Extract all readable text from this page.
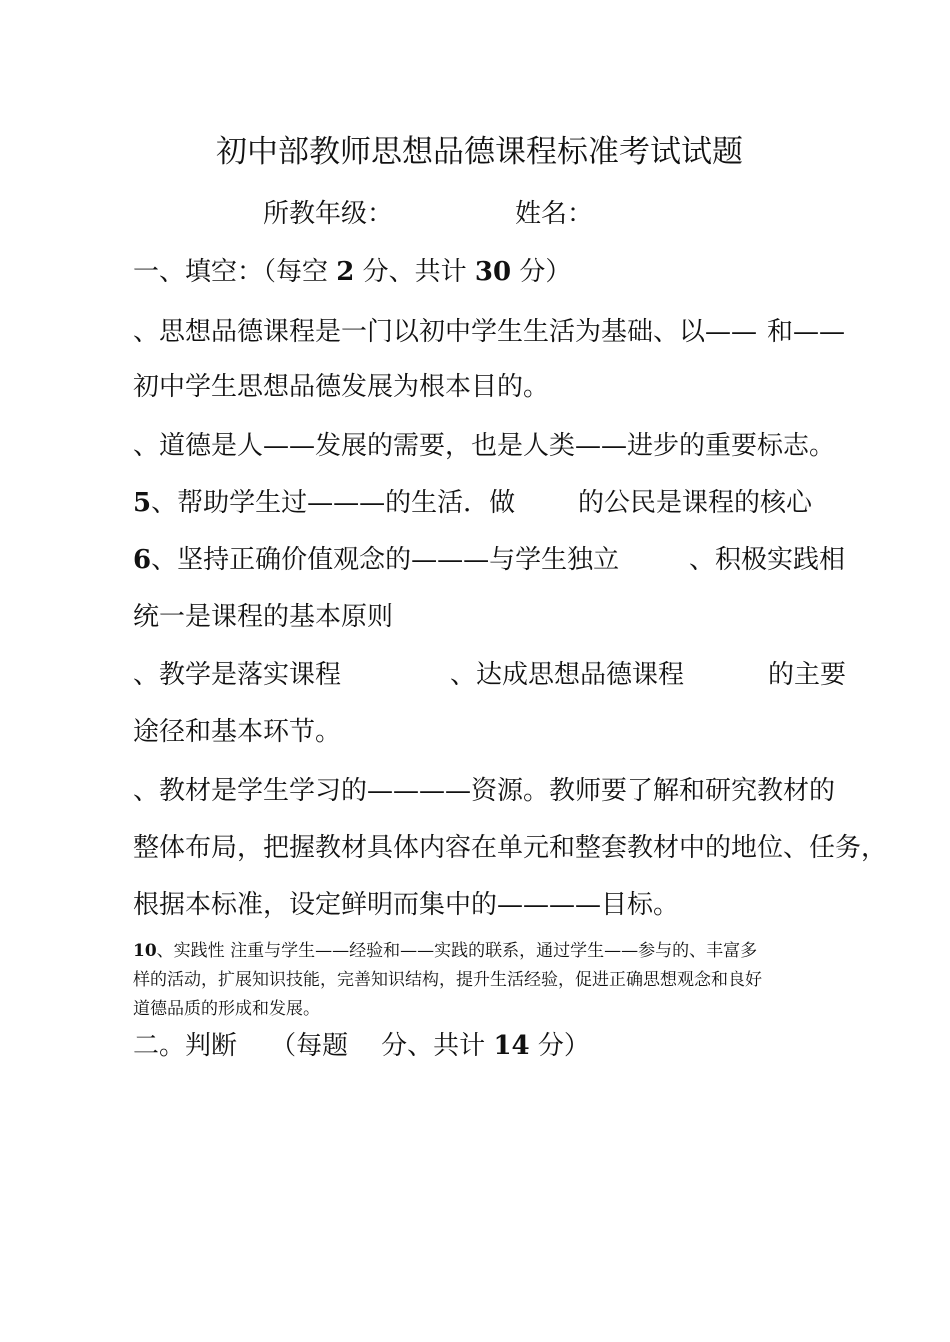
初中部教师思想品德课程标准考试试题
所教年级：	姓名：
一、填空：（每空 2 分、共计 30 分）
、思想品德课程是一门以初中学生生活为基础、以—— 和——
初中学生思想品德发展为根本目的。
、道德是人——发展的需要，也是人类——进步的重要标志。
5、帮助学生过———的生活．做 的公民是课程的核心
6、坚持正确价值观念的———与学生独立	、积极实践相
统一是课程的基本原则
、教学是落实课程	、达成思想品德课程	的主要
途径和基本环节。
、教材是学生学习的————资源。教师要了解和研究教材的
整体布局，把握教材具体内容在单元和整套教材中的地位、任务，
根据本标准，设定鲜明而集中的————目标。
10、实践性 注重与学生——经验和——实践的联系，通过学生——参与的、丰富多
样的活动，扩展知识技能，完善知识结构，提升生活经验，促进正确思想观念和良好
道德品质的形成和发展。
二。判断 （每题 分、共计 14 分）
